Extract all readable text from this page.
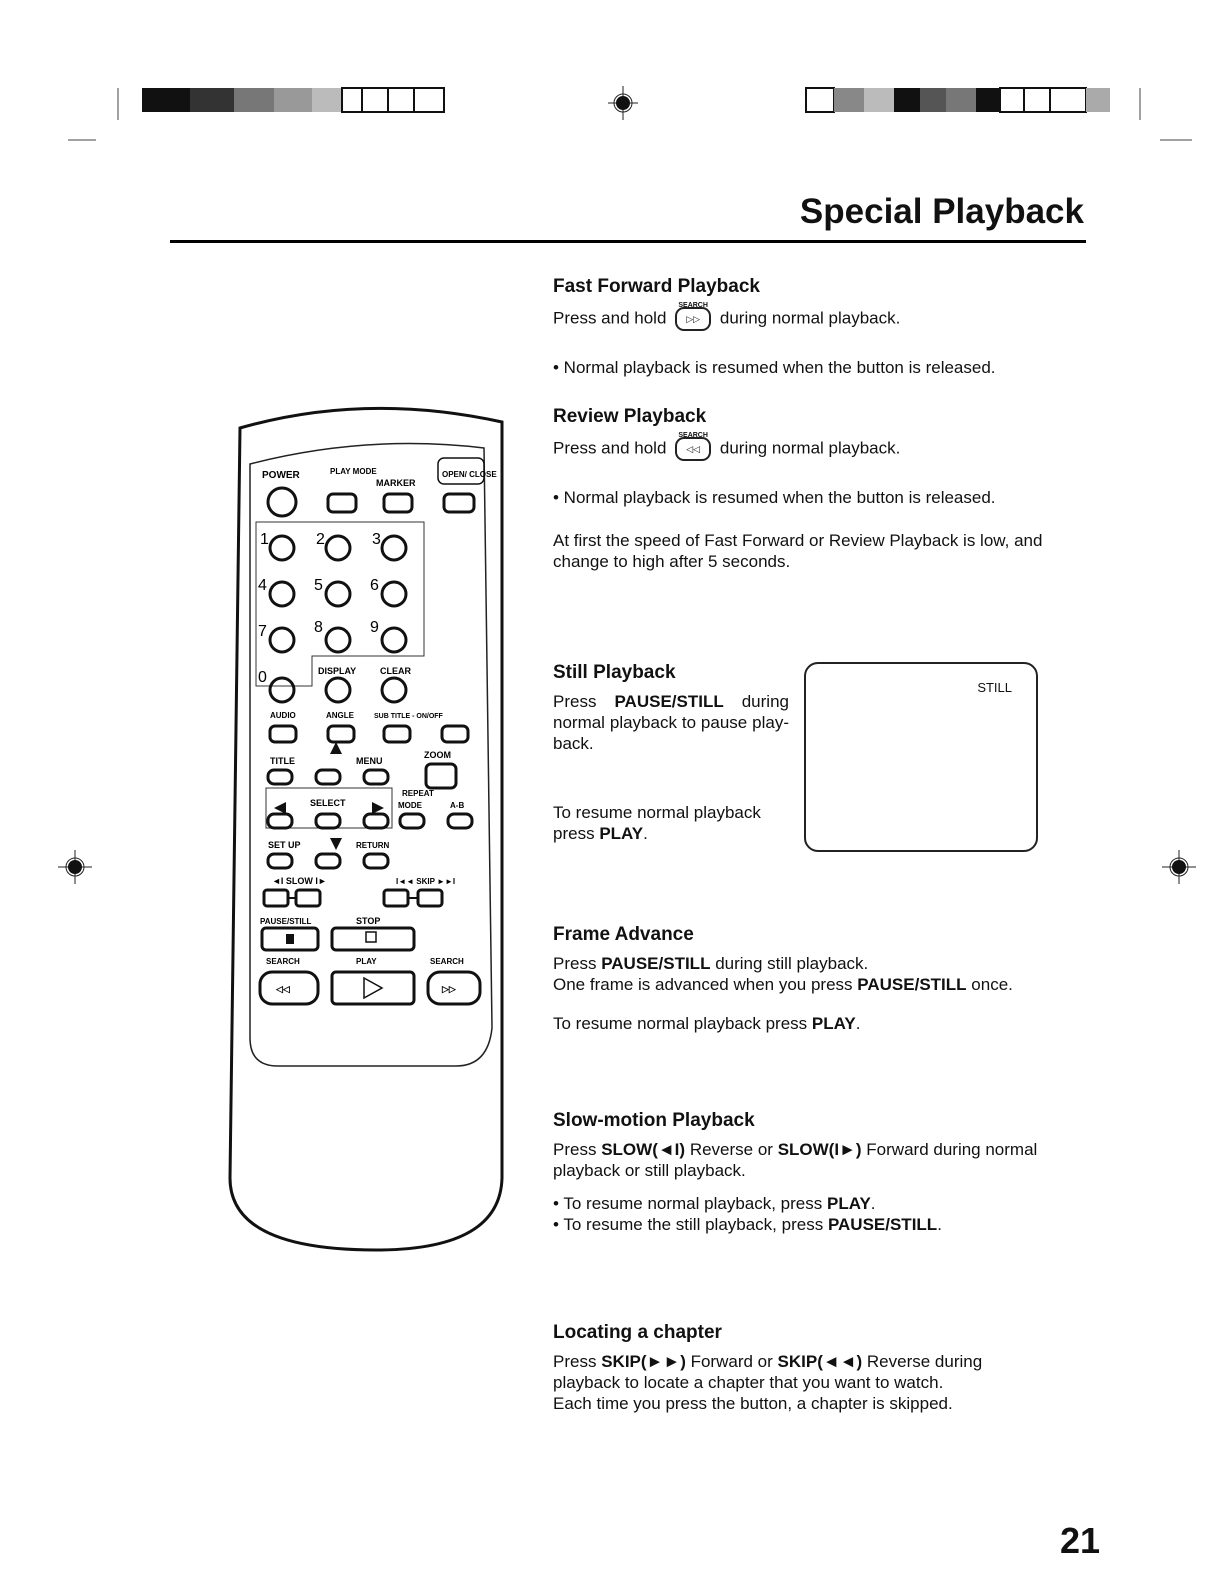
Special Playback
POWER	PLAY MODE
MARKER
OPEN/ CLOSE
1	2	3
4	5	6
7	8	9
0	DISPLAY	CLEAR
AUDIO	ANGLE	SUB TITLE - ON/OFF
TITLE	MENU
ZOOM
SELECT
REPEAT
MODE	A-B
SET UP	RETURN
◄I SLOW I►	I◄◄ SKIP ►►I
PAUSE/STILL	STOP
SEARCH	PLAY	SEARCH
◁◁	▷▷
Fast Forward Playback

Press and hold
SEARCH
▷▷ during normal playback.

• Normal playback is resumed when the button is released.

Review Playback

Press and hold
SEARCH
◁◁ during normal playback.

• Normal playback is resumed when the button is released.

At first the speed of Fast Forward or Review Playback is low, and change to high after 5 seconds.

Still Playback

Press PAUSE/STILL during normal playback to pause play-back.

To resume normal playback press PLAY.

STILL
Frame Advance

Press PAUSE/STILL during still playback.

One frame is advanced when you press PAUSE/STILL once.

To resume normal playback press PLAY.

Slow-motion Playback

Press SLOW(◄I) Reverse or SLOW(I►) Forward during normal playback or still playback.

• To resume normal playback, press PLAY.

• To resume the still playback, press PAUSE/STILL.

Locating a chapter

Press SKIP(►►) Forward or SKIP(◄◄) Reverse during playback to locate a chapter that you want to watch.

Each time you press the button, a chapter is skipped.

21
